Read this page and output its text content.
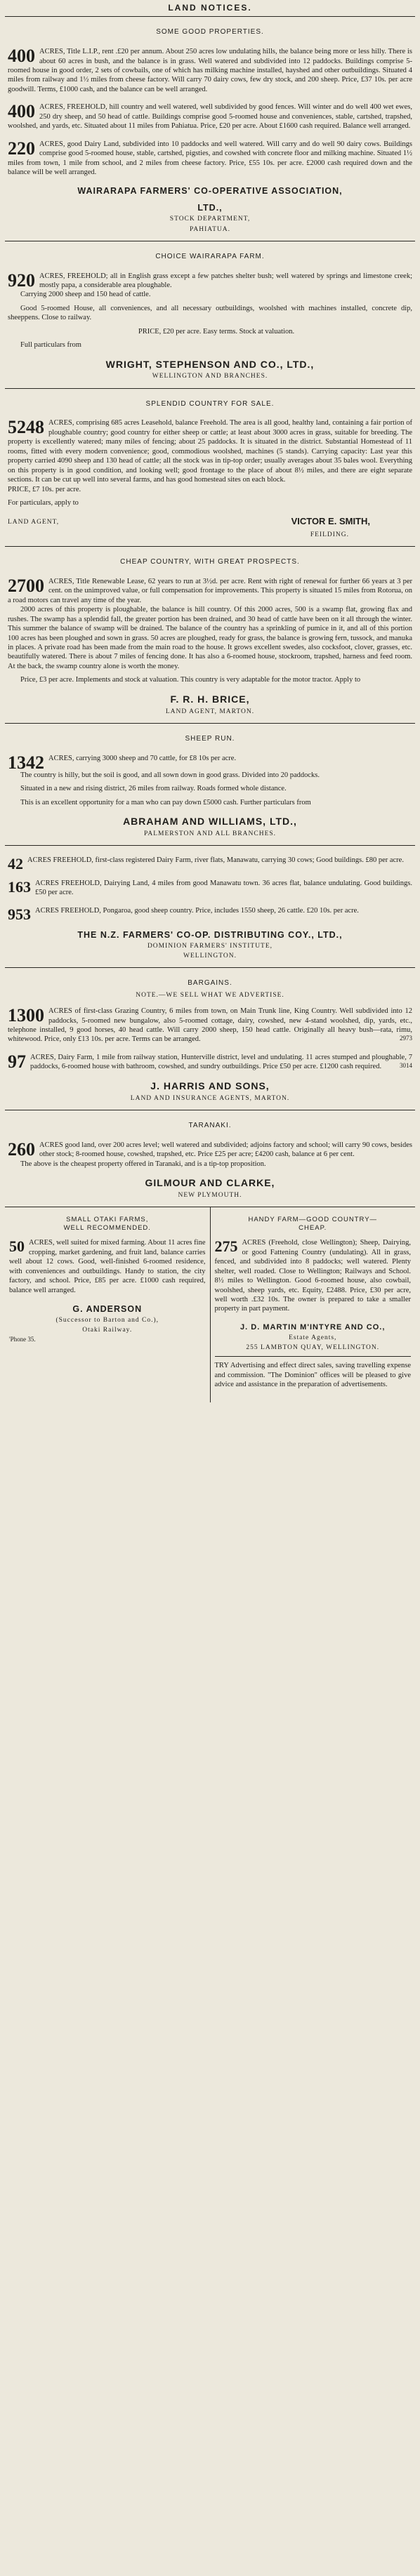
LAND NOTICES.
SOME GOOD PROPERTIES.
400 ACRES, Title L.I.P., rent .£20 per annum. About 250 acres low undulating hills, the balance being more or less hilly. There is about 60 acres in bush, and the balance is in grass. Well watered and subdivided into 12 paddocks. Buildings comprise 5-roomed house in good order, 2 sets of cowbails, one of which has milking machine installed, hayshed and other outbuildings. Situated 4 miles from railway and 1½ miles from cheese factory. Will carry 70 dairy cows, few dry stock, and 200 sheep. Price, £37 10s. per acre goodwill. Terms, £1000 cash, and the balance can be well arranged.
400 ACRES, FREEHOLD, hill country and well watered, well subdivided by good fences. Will winter and do well 400 wet ewes, 250 dry sheep, and 50 head of cattle. Buildings comprise good 5-roomed house and conveniences, stable, cartshed, trapshed, woolshed, and yards, etc. Situated about 11 miles from Pahiatua. Price, £20 per acre. About £1600 cash required. Balance well arranged.
220 ACRES, good Dairy Land, subdivided into 10 paddocks and well watered. Will carry and do well 90 dairy cows. Buildings comprise good 5-roomed house, stable, cartshed, pigsties, and cowshed with concrete floor and milking machine. Situated 1½ miles from town, 1 mile from school, and 2 miles from cheese factory. Price, £55 10s. per acre. £2000 cash required down and the balance will be well arranged.
WAIRARAPA FARMERS' CO-OPERATIVE ASSOCIATION,
LTD.,
STOCK DEPARTMENT,
PAHIATUA.
CHOICE WAIRARAPA FARM.
920 ACRES, FREEHOLD; all in English grass except a few patches shelter bush; well watered by springs and limestone creek; mostly papa, a considerable area ploughable.

Carrying 2000 sheep and 150 head of cattle.

Good 5-roomed House, all conveniences, and all necessary outbuildings, woolshed with machines installed, concrete dip, sheeppens. Close to railway.

PRICE, £20 per acre. Easy terms. Stock at valuation.

Full particulars from

WRIGHT, STEPHENSON AND CO., LTD.,
WELLINGTON AND BRANCHES.
SPLENDID COUNTRY FOR SALE.
5248 ACRES, comprising 685 acres Leasehold, balance Freehold. The area is all good, healthy land, containing a fair portion of ploughable country; good country for either sheep or cattle; at least about 3000 acres in grass, suitable for breeding. The property is excellently watered; many miles of fencing; about 25 paddocks. It is situated in the district. Substantial Homestead of 11 rooms, fitted with every modern convenience; good, commodious woolshed, machines (5 stands). Carrying capacity: Last year this property carried 4090 sheep and 130 head of cattle; all the stock was in tip-top order; usually averages about 35 bales wool. Everything on this property is in good condition, and looking well; good frontage to the place of about 8½ miles, and there are eight separate sections. It can be cut up well into several farms, and has good homestead sites on each block.

PRICE, £7 10s. per acre.

For particulars, apply to

LAND AGENT,	VICTOR E. SMITH,
FEILDING.
CHEAP COUNTRY, WITH GREAT PROSPECTS.
2700 ACRES, Title Renewable Lease, 62 years to run at 3½d. per acre. Rent with right of renewal for further 66 years at 3 per cent. on the unimproved value, or full compensation for improvements. This property is situated 15 miles from Rotorua, on a road motors can travel any time of the year.

2000 acres of this property is ploughable, the balance is hill country. Of this 2000 acres, 500 is a swamp flat, growing flax and rushes. The swamp has a splendid fall, the greater portion has been drained, and 30 head of cattle have been on it all through the winter. This summer the balance of swamp will be drained. The balance of the country has a sprinkling of pumice in it, and all of this portion 100 acres has been ploughed and sown in grass. 50 acres are ploughed, ready for grass, the balance is growing fern, tussock, and manuka in places. A private road has been made from the main road to the house. It grows excellent swedes, also cocksfoot, clover, grasses, etc. beautifully watered. There is about 7 miles of fencing done. It has also a 6-roomed house, stockroom, trapshed, harness and feed room. At the back, the swamp country alone is worth the money.

Price, £3 per acre. Implements and stock at valuation. This country is very adaptable for the motor tractor. Apply to

F. R. H. BRICE,
LAND AGENT, MARTON.
SHEEP RUN.
1342 ACRES, carrying 3000 sheep and 70 cattle, for £8 10s per acre.

The country is hilly, but the soil is good, and all sown down in good grass. Divided into 20 paddocks.

Situated in a new and rising district, 26 miles from railway. Roads formed whole distance.

This is an excellent opportunity for a man who can pay down £5000 cash. Further particulars from

ABRAHAM AND WILLIAMS, LTD.,
PALMERSTON AND ALL BRANCHES.
42 ACRES FREEHOLD, first-class registered Dairy Farm, river flats, Manawatu, carrying 30 cows; Good buildings. £80 per acre.
163 ACRES FREEHOLD, Dairying Land, 4 miles from good Manawatu town. 36 acres flat, balance undulating. Good buildings. £50 per acre.
953 ACRES FREEHOLD, Pongaroa, good sheep country. Price, includes 1550 sheep, 26 cattle. £20 10s. per acre.
THE N.Z. FARMERS' CO-OP. DISTRIBUTING COY., LTD.,
DOMINION FARMERS' INSTITUTE,
WELLINGTON.
BARGAINS.
NOTE.—WE SELL WHAT WE ADVERTISE.
1300 ACRES of first-class Grazing Country, 6 miles from town, on Main Trunk line, King Country. Well subdivided into 12 paddocks, 5-roomed new bungalow, also 5-roomed cottage, dairy, cowshed, new 4-stand woolshed, dip, yards, etc., telephone installed, 9 good horses, 40 head cattle. Will carry 2000 sheep, 150 head cattle. Originally all heavy bush—rata, rimu, whitewood. Price, only £13 10s. per acre. Terms can be arranged.	2973
97 ACRES, Dairy Farm, 1 mile from railway station, Hunterville district, level and undulating. 11 acres stumped and ploughable, 7 paddocks, 6-roomed house with bathroom, cowshed, and sundry outbuildings. Price £50 per acre. £1200 cash required.	3014
J. HARRIS AND SONS,
LAND AND INSURANCE AGENTS, MARTON.
TARANAKI.
260 ACRES good land, over 200 acres level; well watered and subdivided; adjoins factory and school; will carry 90 cows, besides other stock; 8-roomed house, cowshed, trapshed, etc. Price £25 per acre; £4200 cash, balance at 6 per cent.

The above is the cheapest property offered in Taranaki, and is a tip-top proposition.

GILMOUR AND CLARKE,
NEW PLYMOUTH.
SMALL OTAKI FARMS,
WELL RECOMMENDED.
50 ACRES, well suited for mixed farming. About 11 acres fine cropping, market gardening, and fruit land, balance carries well about 12 cows. Good, well-finished 6-roomed residence, with conveniences and outbuildings. Handy to station, the city factory, and school. Price, £85 per acre. £1000 cash required, balance well arranged.
G. ANDERSON
(Successor to Barton and Co.),
Otaki Railway.
'Phone 35.
HANDY FARM—GOOD COUNTRY—
CHEAP.
275 ACRES (Freehold, close Wellington); Sheep, Dairying, or good Fattening Country (undulating). All in grass, fenced, and subdivided into 8 paddocks; well watered. Plenty shelter, well roaded. Close to Wellington; Railways and School. 8½ miles to Wellington. Good 6-roomed house, also cowbail, woolshed, sheep yards, etc. Equity, £2488. Price, £30 per acre, well worth .£32 10s. The owner is prepared to take a smaller property in part payment.
J. D. MARTIN M'INTYRE AND CO.,
Estate Agents,
255 LAMBTON QUAY, WELLINGTON.

TRY Advertising and effect direct sales, saving travelling expense and commission. "The Dominion" offices will be pleased to give advice and assistance in the preparation of advertisements.
